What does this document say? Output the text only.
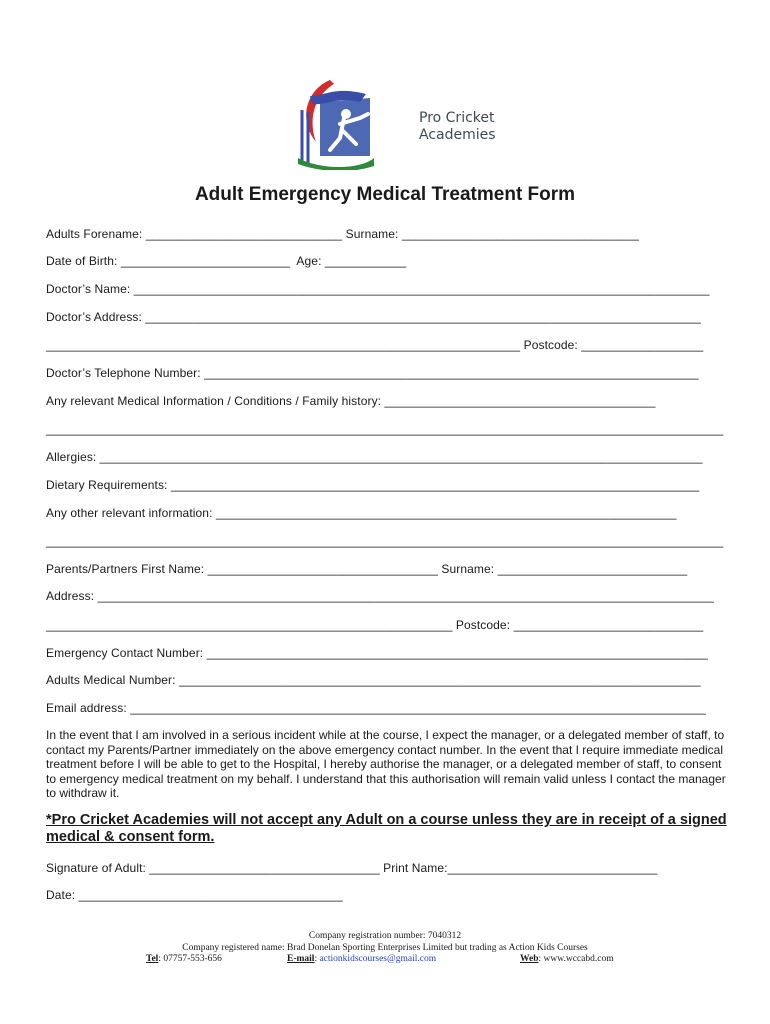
Pro Cricket
Academies
Adult Emergency Medical Treatment Form
Adults Forename: _____________________________ Surname: ___________________________________
Date of Birth: _________________________  Age: ____________
Doctor’s Name: _____________________________________________________________________________________
Doctor’s Address: __________________________________________________________________________________
______________________________________________________________________ Postcode: __________________
Doctor’s Telephone Number: _________________________________________________________________________
Any relevant Medical Information / Conditions / Family history: ________________________________________
____________________________________________________________________________________________________
Allergies: _________________________________________________________________________________________
Dietary Requirements: ______________________________________________________________________________
Any other relevant information: ____________________________________________________________________
____________________________________________________________________________________________________
Parents/Partners First Name: __________________________________ Surname: ____________________________
Address: ___________________________________________________________________________________________
____________________________________________________________ Postcode: ____________________________
Emergency Contact Number: __________________________________________________________________________
Adults Medical Number: _____________________________________________________________________________
Email address: _____________________________________________________________________________________
In the event that I am involved in a serious incident while at the course, I expect the manager, or a delegated member of staff, to contact my Parents/Partner immediately on the above emergency contact number. In the event that I require immediate medical treatment before I will be able to get to the Hospital, I hereby authorise the manager, or a delegated member of staff, to consent to emergency medical treatment on my behalf. I understand that this authorisation will remain valid unless I contact the manager to withdraw it.
*Pro Cricket Academies will not accept any Adult on a course unless they are in receipt of a signed medical & consent form.
Signature of Adult: __________________________________ Print Name:_______________________________
Date: _______________________________________
Company registration number: 7040312
Company registered name: Brad Donelan Sporting Enterprises Limited but trading as Action Kids Courses
Tel: 07757-553-656	E-mail: actionkidscourses@gmail.com	Web: www.wccabd.com
